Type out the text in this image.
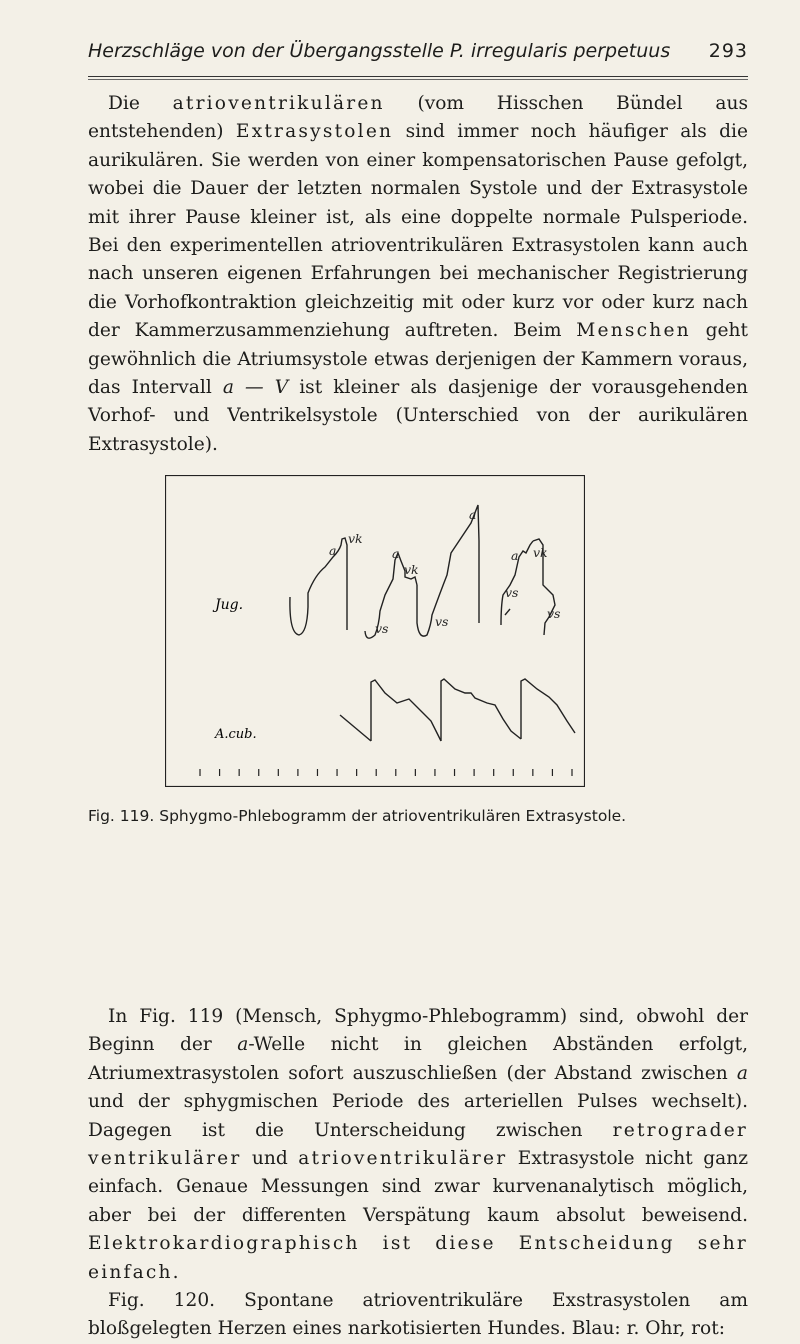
Herzschläge von der Übergangsstelle P. irregularis perpetuus 293

Die atrioventrikulären (vom Hisschen Bündel aus entstehenden) Extrasystolen sind immer noch häufiger als die aurikulären. Sie werden von einer kompensatorischen Pause gefolgt, wobei die Dauer der letzten normalen Systole und der Extrasystole mit ihrer Pause kleiner ist, als eine doppelte normale Pulsperiode. Bei den experimentellen atrioventrikulären Extrasystolen kann auch nach unseren eigenen Erfahrungen bei mechanischer Registrierung die Vorhofkontraktion gleichzeitig mit oder kurz vor oder kurz nach der Kammerzusammenziehung auftreten. Beim Menschen geht gewöhnlich die Atriumsystole etwas derjenigen der Kammern voraus, das Intervall a — V ist kleiner als dasjenige der vorausgehenden Vorhof- und Ventrikelsystole (Unterschied von der aurikulären Extrasystole).

Jug.
a
vk
a
vk
a
a vk
vs	vs
vs
vs
A.cub.
Fig. 119. Sphygmo-Phlebogramm der atrioventrikulären Extrasystole.

In Fig. 119 (Mensch, Sphygmo-Phlebogramm) sind, obwohl der Beginn der a-Welle nicht in gleichen Abständen erfolgt, Atriumextrasystolen sofort auszuschließen (der Abstand zwischen a und der sphygmischen Periode des arteriellen Pulses wechselt). Dagegen ist die Unterscheidung zwischen retrograder ventrikulärer und atrioventrikulärer Extrasystole nicht ganz einfach. Genaue Messungen sind zwar kurvenanalytisch möglich, aber bei der differenten Verspätung kaum absolut beweisend. Elektrokardiographisch ist diese Entscheidung sehr einfach.
Fig. 120. Spontane atrioventrikuläre Exstrasystolen am bloßgelegten Herzen eines narkotisierten Hundes. Blau: r. Ohr, rot:
